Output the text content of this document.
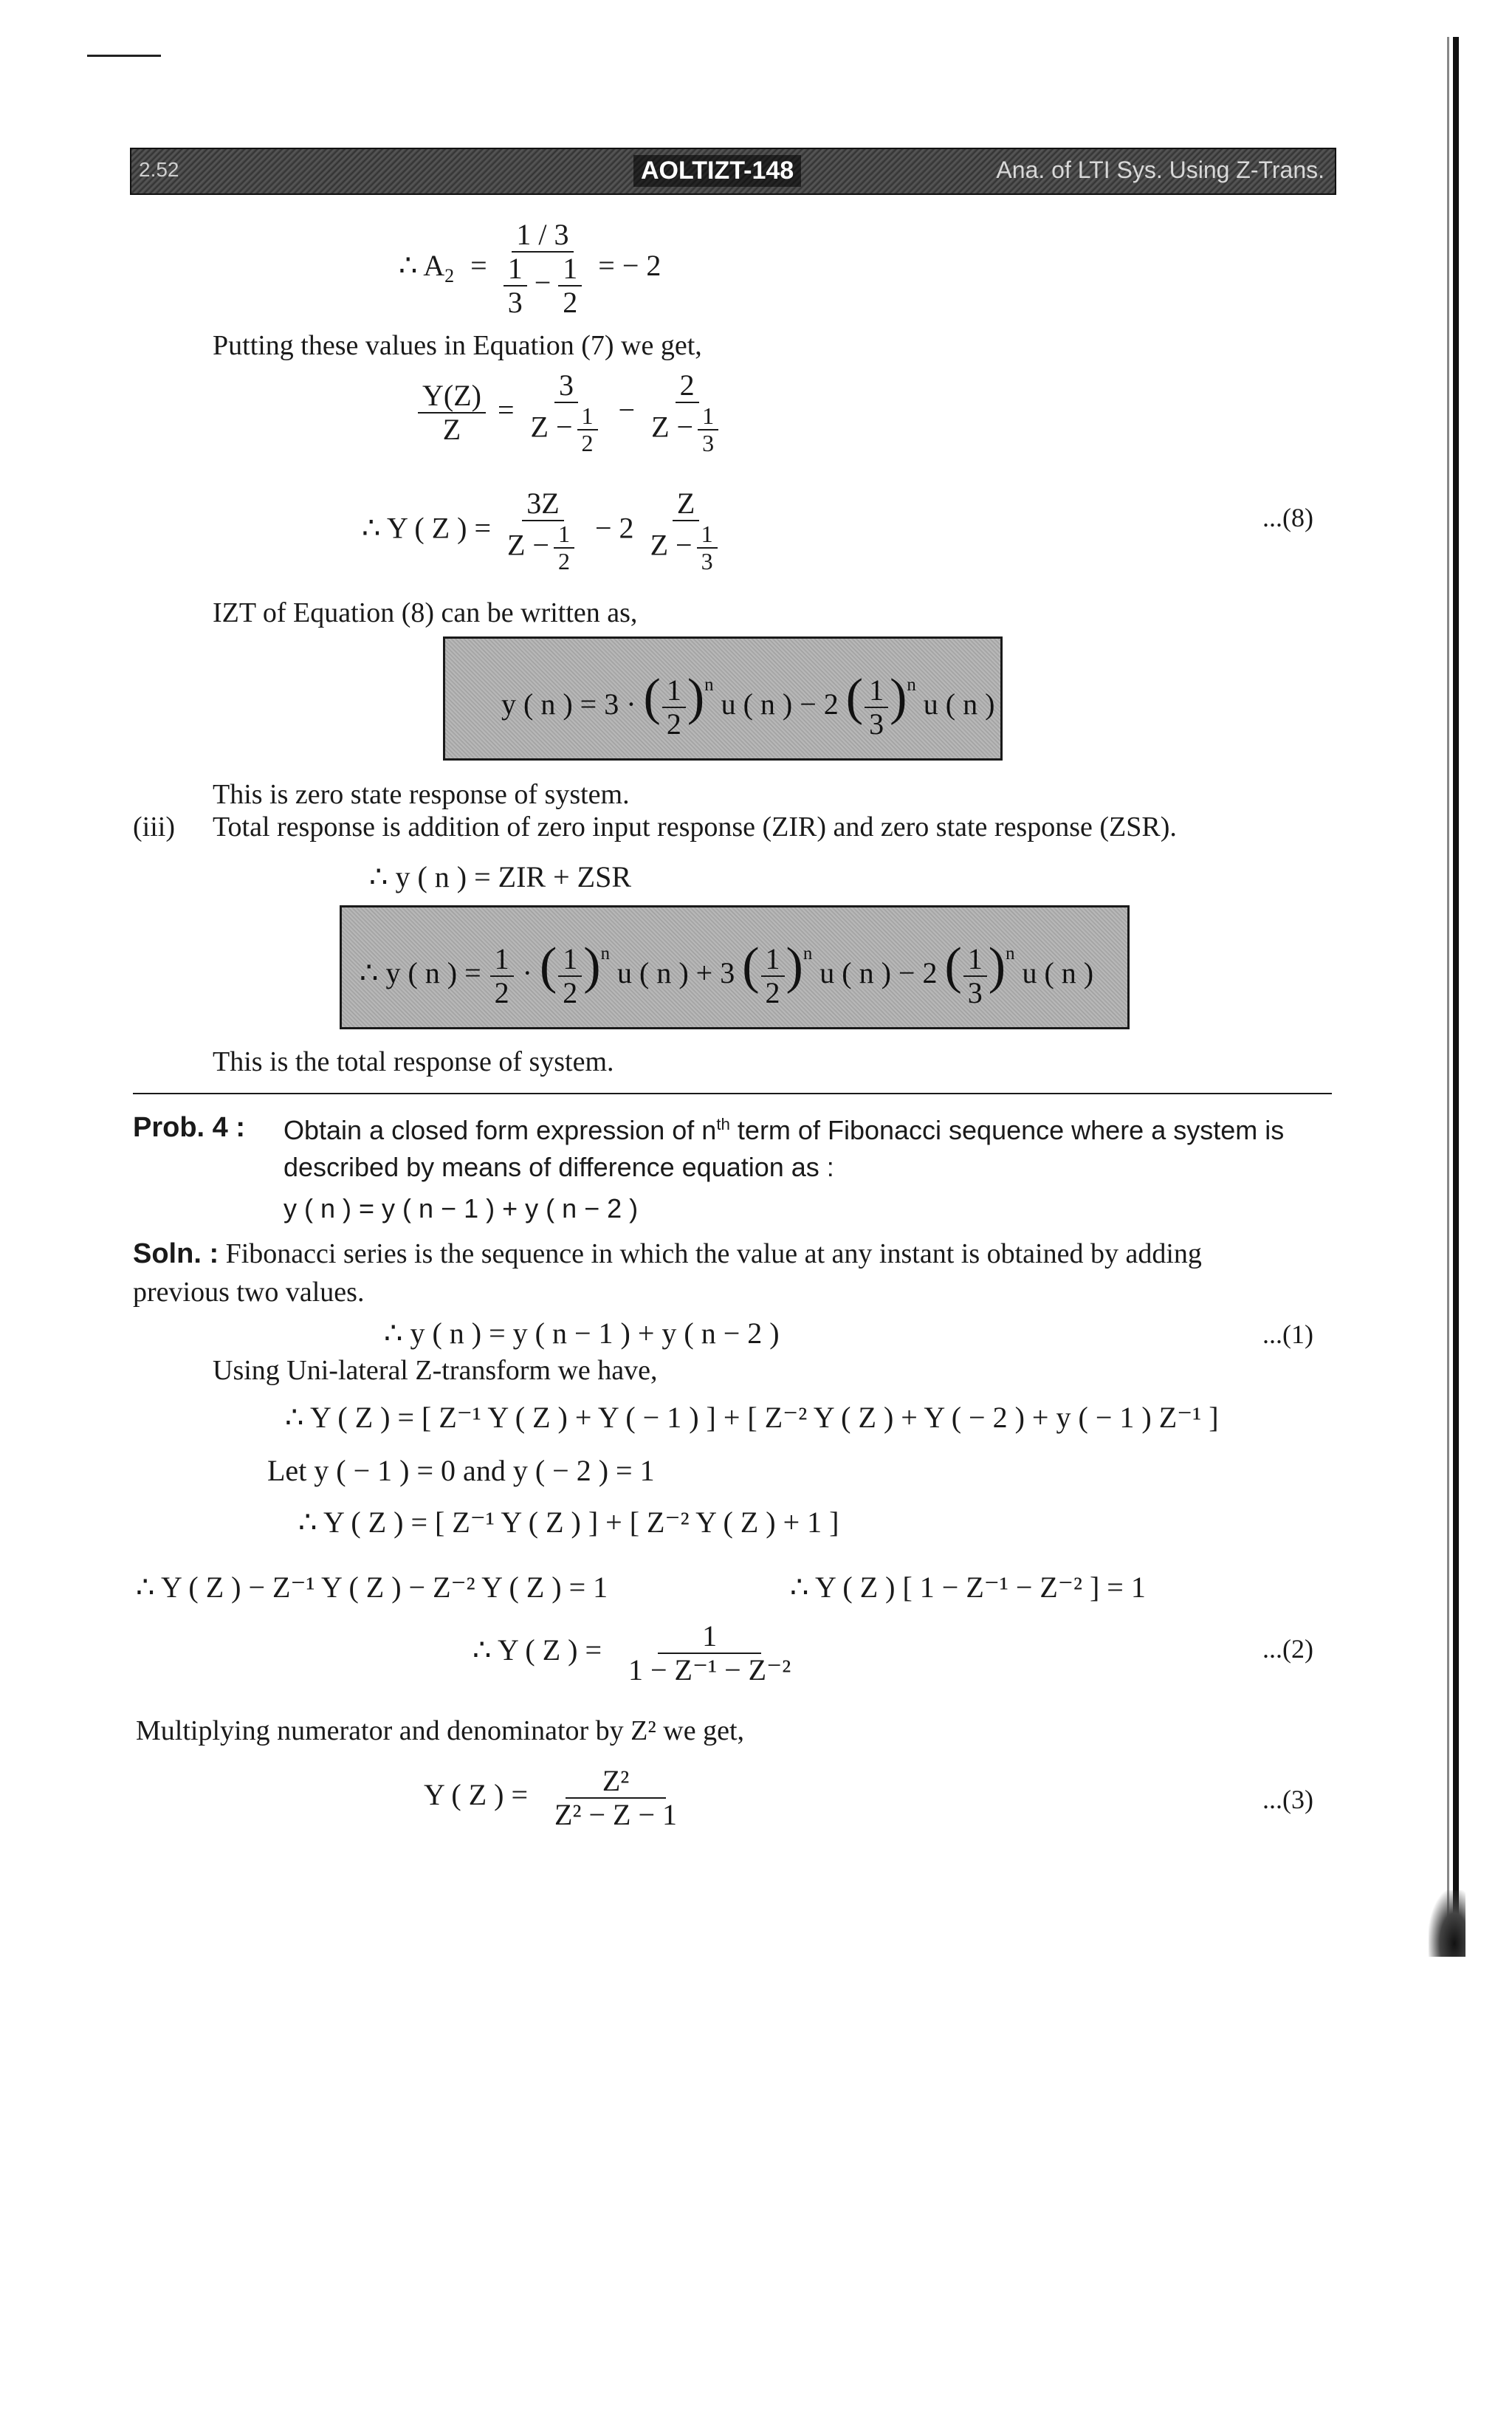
2.52	AOLTIZT-148	Ana. of LTI Sys. Using Z-Trans.
∴ $A_2 = \frac{1 / 3}{\frac{1}{3} - \frac{1}{2}}$ = − 2
Putting these values in Equation (7) we get,
$\frac{Y(Z)}{Z} = \frac{3}{Z - \frac{1}{2}} - \frac{2}{Z - \frac{1}{3}}$
∴ Y ( Z ) = $\frac{3Z}{Z - \frac{1}{2}} - 2 \frac{Z}{Z - \frac{1}{3}}$	...(8)
IZT of Equation (8) can be written as,
y ( n ) = 3 · ( $\frac{1}{2} )^n$ u ( n ) − 2 ( $\frac{1}{3} )^n$ u ( n )
This is zero state response of system.
(iii) Total response is addition of zero input response (ZIR) and zero state response (ZSR).
∴ y ( n ) = ZIR + ZSR
∴ y ( n ) = $\frac{1}{2}$ · ( $\frac{1}{2} )^n$ u ( n ) + 3 ( $\frac{1}{2} )^n$ u ( n ) − 2 ( $\frac{1}{3} )^n$ u ( n )
This is the total response of system.
Prob. 4 : Obtain a closed form expression of $n^{th}$ term of Fibonacci sequence where a system is
described by means of difference equation as :
y ( n ) = y ( n − 1 ) + y ( n − 2 )
Soln. : Fibonacci series is the sequence in which the value at any instant is obtained by adding
previous two values.
∴ y ( n ) = y ( n − 1 ) + y ( n − 2 )	...(1)
Using Uni-lateral Z-transform we have,
∴ Y ( Z ) = [ Z⁻¹ Y ( Z ) + Y ( − 1 ) ] + [ Z⁻² Y ( Z ) + Y ( − 2 ) + y ( − 1 ) Z⁻¹ ]
Let y ( − 1 ) = 0 and y ( − 2 ) = 1
∴ Y ( Z ) = [ Z⁻¹ Y ( Z ) ] + [ Z⁻² Y ( Z ) + 1 ]
∴ Y ( Z ) − Z⁻¹ Y ( Z ) − Z⁻² Y ( Z ) = 1	∴ Y ( Z ) [ 1 − Z⁻¹ − Z⁻² ] = 1
∴ Y ( Z ) = $\frac{1}{\text{1 − Z⁻¹ − Z⁻²}}$	...(2)
Multiplying numerator and denominator by Z² we get,
Y ( Z ) = $\frac{\text{Z²}}{\text{Z² − Z − 1}}$	...(3)
